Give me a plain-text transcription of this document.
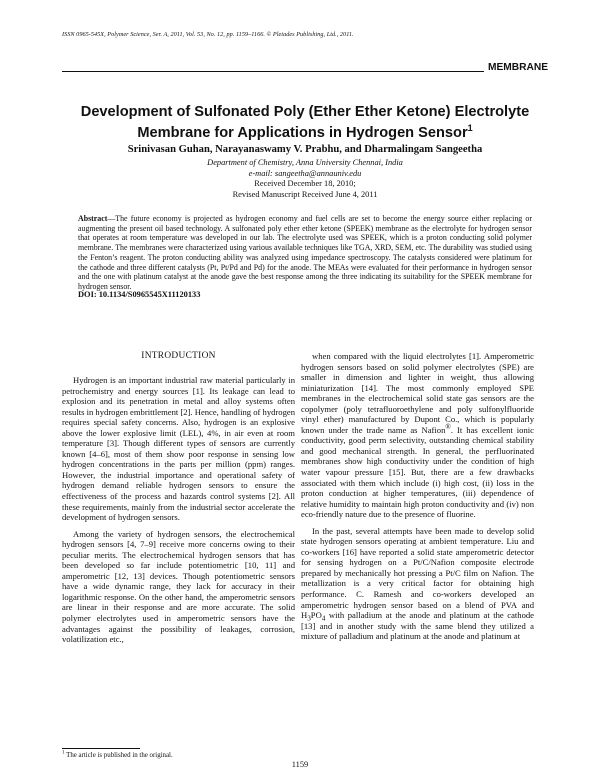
ISSN 0965-545X, Polymer Science, Ser. A, 2011, Vol. 53, No. 12, pp. 1159–1166. © Pleiades Publishing, Ltd., 2011.
MEMBRANE
Development of Sulfonated Poly (Ether Ether Ketone) Electrolyte
Membrane for Applications in Hydrogen Sensor$^1$
Srinivasan Guhan, Narayanaswamy V. Prabhu, and Dharmalingam Sangeetha
Department of Chemistry, Anna University Chennai, India
e-mail: sangeetha@annauniv.edu
Received December 18, 2010;
Revised Manuscript Received June 4, 2011
Abstract—The future economy is projected as hydrogen economy and fuel cells are set to become the energy source either replacing or augmenting the present oil based technology. A sulfonated poly ether ether ketone (SPEEK) membrane as the electrolyte for hydrogen sensor that operates at room temperature was developed in our lab. The electrolyte used was SPEEK, which is a proton conducting solid polymer membrane. The membranes were characterized using various available techniques like TGA, XRD, SEM, etc. The durability was studied using the Fenton’s reagent. The proton conducting ability was analyzed using impedance spectroscopy. The catalysts considered were platinum for the cathode and three different catalysts (Pt, Pt/Pd and Pd) for the anode. The MEAs were evaluated for their performance in hydrogen sensor and the one with platinum catalyst at the anode gave the best response among the three indicating its suitability for the SPEEK membrane for hydrogen sensor.
DOI: 10.1134/S0965545X11120133
INTRODUCTION

Hydrogen is an important industrial raw material particularly in petrochemistry and energy sources [1]. Its leakage can lead to explosion and its penetration in metal and alloy systems often results in hydrogen embrittlement [2]. Hence, handling of hydrogen requires special safety concerns. Also, hydrogen is an explosive above the lower explosive limit (LEL), 4%, in air even at room temperature [3]. Though different types of sensors are currently known [4–6], most of them show poor response in sensing low hydrogen concentrations in the parts per million (ppm) ranges. However, the industrial importance and operational safety of hydrogen demand reliable hydrogen sensors to ensure the effectiveness of the process and hazards control systems [2]. All these requirements, mainly from the industrial sector accelerate the development of hydrogen sensors.

Among the variety of hydrogen sensors, the electrochemical hydrogen sensors [4, 7–9] receive more concerns owing to their peculiar merits. The electrochemical hydrogen sensors that has been developed so far include potentiometric [10, 11] and amperometric [12, 13] devices. Though potentiometric sensors have a wide dynamic range, they lack for accuracy in their logarithmic response. On the other hand, the amperometric sensors are linear in their response and are more accurate. The solid polymer electrolytes used in amperometric sensors have the advantages against the possibility of leakages, corrosion, volatilization etc.,

when compared with the liquid electrolytes [1]. Amperometric hydrogen sensors based on solid polymer electrolytes (SPE) are smaller in dimension and lighter in weight, thus allowing miniaturization [14]. The most commonly employed SPE membranes in the electrochemical solid state gas sensors are the copolymer (poly tetrafluoroethylene and poly sulfonylfluoride vinyl ether) manufactured by Dupont Co., which is popularly known under the trade name as Nafion®. It has excellent ionic conductivity, good perm selectivity, outstanding chemical stability and good mechanical strength. In general, the perfluorinated membranes show high conductivity under the condition of high water vapour pressure [15]. But, there are a few drawbacks associated with them which include (i) high cost, (ii) loss in the proton conduction at higher temperatures, (iii) dependence of relative humidity to maintain high proton conductivity and (iv) non eco-friendly nature due to the presence of fluorine.

In the past, several attempts have been made to develop solid state hydrogen sensors operating at ambient temperature. Liu and co-workers [16] have reported a solid state amperometric detector for sensing hydrogen on a Pt/C/Nafion composite electrode prepared by mechanically hot pressing a Pt/C film on Nafion. The metallization is a very critical factor for obtaining high performance. C. Ramesh and co-workers developed an amperometric hydrogen sensor based on a blend of PVA and $H_3PO_4$ with palladium at the anode and platinum at the cathode [13] and in another study with the same blend they utilized a mixture of palladium and platinum at the anode and platinum at

$^1$ The article is published in the original.
1159
